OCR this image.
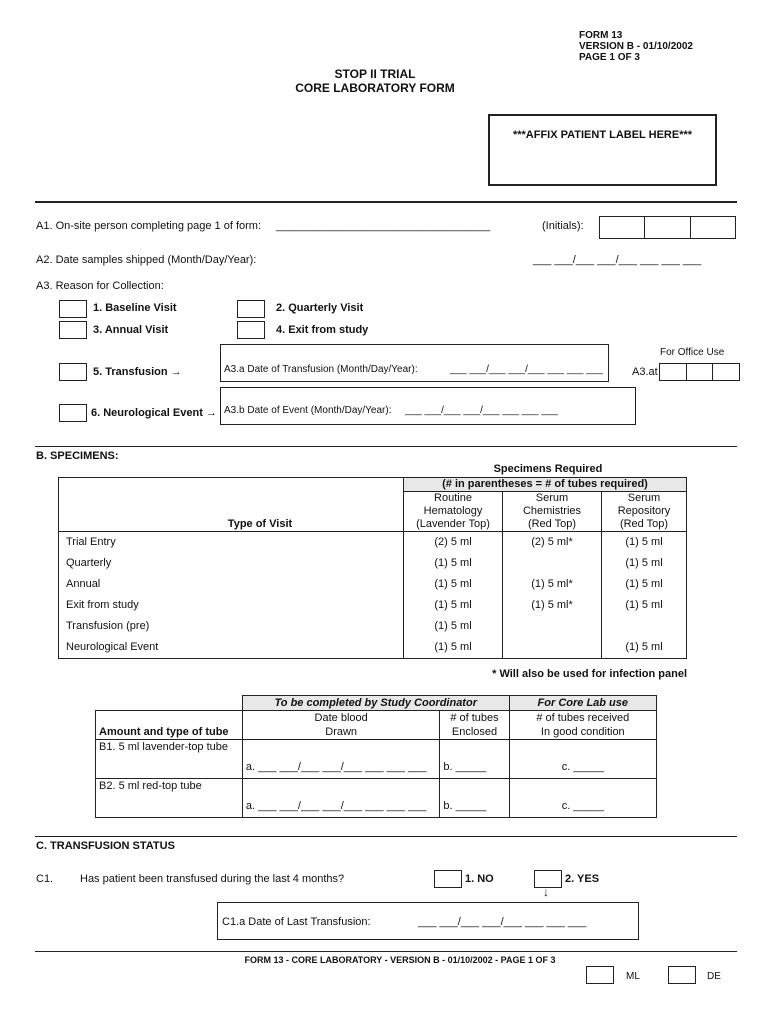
FORM 13
VERSION B - 01/10/2002
PAGE 1 OF 3
STOP II TRIAL
CORE LABORATORY FORM
***AFFIX PATIENT LABEL HERE***
A1. On-site person completing page 1 of form: ___________________________________	(Initials):
A2. Date samples shipped (Month/Day/Year):	___ ___/___ ___/___ ___ ___ ___
A3. Reason for Collection:
1. Baseline Visit	2. Quarterly Visit
3. Annual Visit	4. Exit from study
For Office Use
5. Transfusion →	A3.a Date of Transfusion (Month/Day/Year):	___ ___/___ ___/___ ___ ___ ___	A3.at
6. Neurological Event → A3.b Date of Event (Month/Day/Year): ___ ___/___ ___/___ ___ ___ ___
B. SPECIMENS:
Specimens Required
	(# in parentheses = # of tubes required)		
	Routine	Serum	Serum
	Hematology	Chemistries	Repository
Type of Visit	(Lavender Top)	(Red Top)	(Red Top)
Trial Entry	(2) 5 ml	(2) 5 ml*	(1) 5 ml
Quarterly	(1) 5 ml		(1) 5 ml
Annual	(1) 5 ml	(1) 5 ml*	(1) 5 ml
Exit from study	(1) 5 ml	(1) 5 ml*	(1) 5 ml
Transfusion (pre)	(1) 5 ml		
Neurological Event	(1) 5 ml		(1) 5 ml
* Will also be used for infection panel
	To be completed by Study Coordinator		For Core Lab use
	Date blood	# of tubes	# of tubes received
Amount and type of tube	Drawn	Enclosed	In good condition
B1. 5 ml lavender-top tube	a. ___ ___/___ ___/___ ___ ___ ___	b. _____	c. _____
B2. 5 ml red-top tube	a. ___ ___/___ ___/___ ___ ___ ___	b. _____	c. _____
C. TRANSFUSION STATUS
C1. Has patient been transfused during the last 4 months?	1. NO	2. YES
↓
C1.a Date of Last Transfusion:	___ ___/___ ___/___ ___ ___ ___
FORM 13 - CORE LABORATORY - VERSION B - 01/10/2002 - PAGE 1 OF 3
ML	DE
